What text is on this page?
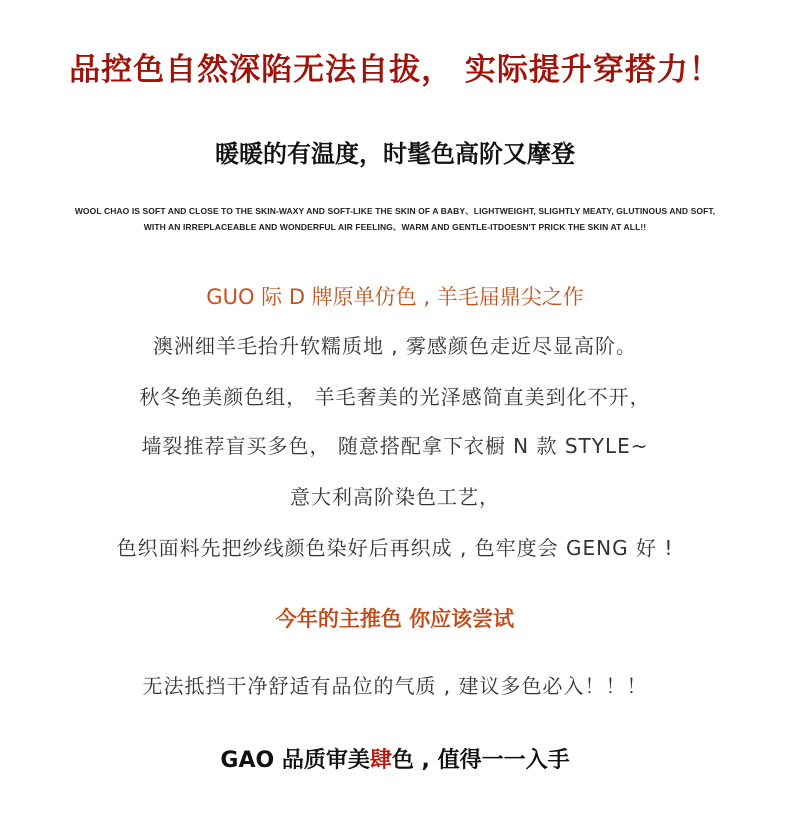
品控色自然深陷无法自拔， 实际提升穿搭力！
暖暖的有温度，时髦色高阶又摩登
WOOL CHAO IS SOFT AND CLOSE TO THE SKIN-WAXY AND SOFT-LIKE THE SKIN OF A BABY、LIGHTWEIGHT, SLIGHTLY MEATY, GLUTINOUS AND SOFT,
WITH AN IRREPLACEABLE AND WONDERFUL AIR FEELING、WARM AND GENTLE-ITDOESN'T PRICK THE SKIN AT ALL!!
GUO 际 D 牌原单仿色 , 羊毛届鼎尖之作
澳洲细羊毛抬升软糯质地 , 雾感颜色走近尽显高阶。
秋冬绝美颜色组， 羊毛奢美的光泽感简直美到化不开，
墙裂推荐盲买多色， 随意搭配拿下衣橱 N 款 STYLE~
意大利高阶染色工艺，
色织面料先把纱线颜色染好后再织成 , 色牢度会 GENG 好 !
今年的主推色 你应该尝试
无法抵挡干净舒适有品位的气质 , 建议多色必入！！！
GAO 品质审美肆色 , 值得一一入手
